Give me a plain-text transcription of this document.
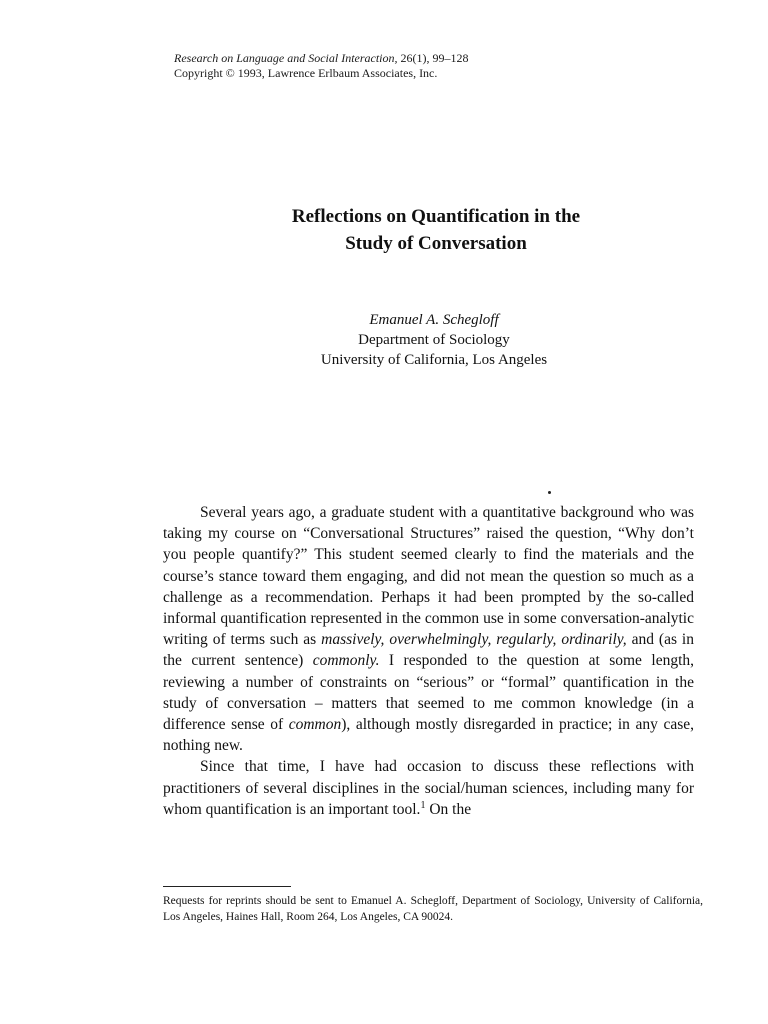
Research on Language and Social Interaction, 26(1), 99–128
Copyright © 1993, Lawrence Erlbaum Associates, Inc.
Reflections on Quantification in the
Study of Conversation
Emanuel A. Schegloff
Department of Sociology
University of California, Los Angeles

Several years ago, a graduate student with a quantitative background who was taking my course on “Conversational Structures” raised the question, “Why don’t you people quantify?” This student seemed clearly to find the materials and the course’s stance toward them engaging, and did not mean the question so much as a challenge as a recommendation. Perhaps it had been prompted by the so-called informal quantification represented in the common use in some conversation-analytic writing of terms such as massively, overwhelmingly, regularly, ordinarily, and (as in the current sentence) commonly. I responded to the question at some length, reviewing a number of constraints on “serious” or “formal” quantification in the study of conversation – matters that seemed to me common knowledge (in a difference sense of common), although mostly disregarded in practice; in any case, nothing new.

Since that time, I have had occasion to discuss these reflections with practitioners of several disciplines in the social/human sciences, including many for whom quantification is an important tool.$^1$ On the

Requests for reprints should be sent to Emanuel A. Schegloff, Department of Sociology, University of California, Los Angeles, Haines Hall, Room 264, Los Angeles, CA 90024.
